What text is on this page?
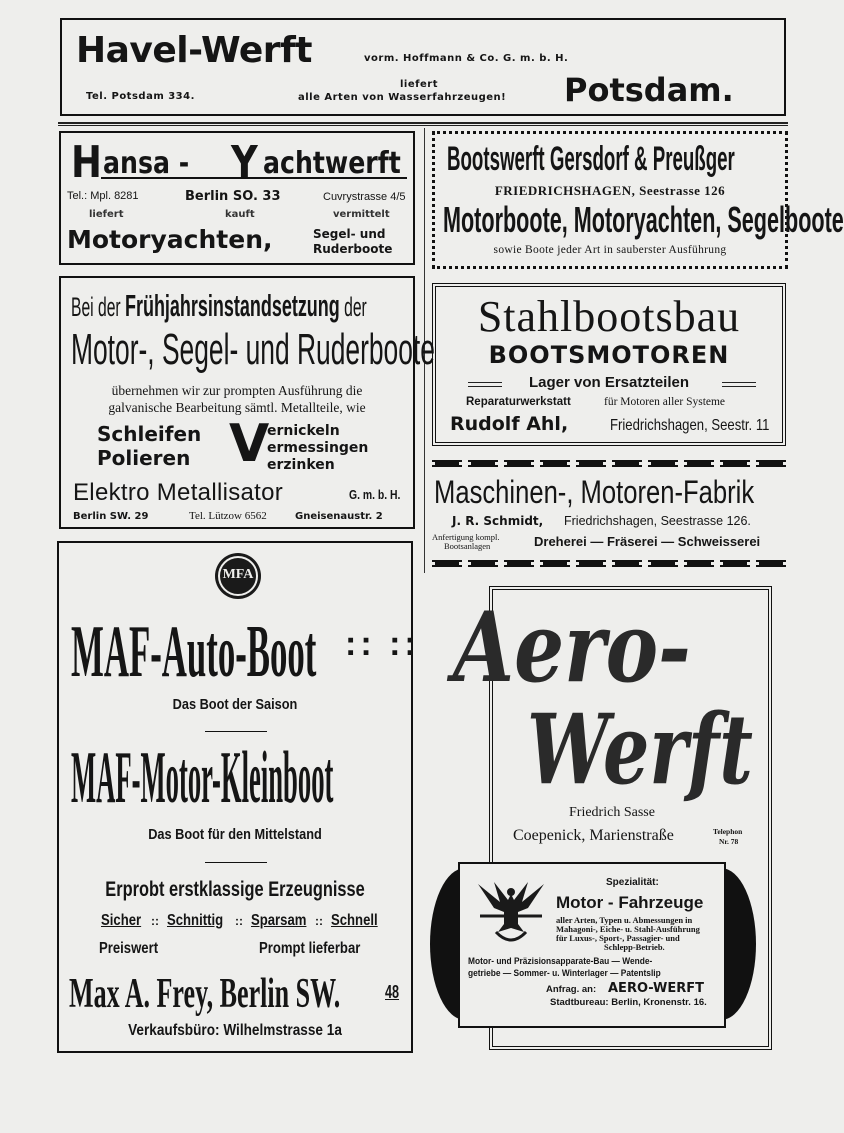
Havel-Werft	vorm. Hoffmann & Co. G. m. b. H.
Tel. Potsdam 334.
liefert
alle Arten von Wasserfahrzeugen! Potsdam.
H ansa - Y achtwerft
Tel.: Mpl. 8281	Berlin SO. 33	Cuvrystrasse 4/5
liefert	kauft	vermittelt
Motoryachten,	Segel- und
Ruderboote
Bootswerft Gersdorf & Preußger
FRIEDRICHSHAGEN, Seestrasse 126
Motorboote, Motoryachten, Segelboote
sowie Boote jeder Art in sauberster Ausführung
Bei der Frühjahrsinstandsetzung der
Motor-, Segel- und Ruderboote
übernehmen wir zur prompten Ausführung die
galvanische Bearbeitung sämtl. Metallteile, wie
Schleifen
Polieren V
ernickeln
ermessingen
erzinken
Elektro Metallisator	G. m. b. H.
Berlin SW. 29	Tel. Lützow 6562	Gneisenaustr. 2
Stahlbootsbau
BOOTSMOTOREN
Lager von Ersatzteilen
Reparaturwerkstatt	für Motoren aller Systeme
Rudolf Ahl,	Friedrichshagen, Seestr. 11
Maschinen-, Motoren-Fabrik
J. R. Schmidt, Friedrichshagen, Seestrasse 126.
Anfertigung kompl.
Bootsanlagen	Dreherei — Fräserei — Schweisserei
MFA
MAF-Auto-Boot :: ::
Das Boot der Saison
MAF-Motor-Kleinboot
Das Boot für den Mittelstand
Erprobt erstklassige Erzeugnisse
Sicher :: Schnittig :: Sparsam :: Schnell
Preiswert	Prompt lieferbar
Max A. Frey, Berlin SW. 48
Verkaufsbüro: Wilhelmstrasse 1a
Aero-
Werft
Friedrich Sasse
Coepenick, Marienstraße	Telephon
Nr. 78
Spezialität:
Motor - Fahrzeuge
aller Arten, Typen u. Abmessungen in
Mahagoni-, Eiche- u. Stahl-Ausführung
für Luxus-, Sport-, Passagier- und
Schlepp-Betrieb.
Motor- und Präzisionsapparate-Bau — Wende-
getriebe — Sommer- u. Winterlager — Patentslip
Anfrag. an: AERO-WERFT
Stadtbureau: Berlin, Kronenstr. 16.
